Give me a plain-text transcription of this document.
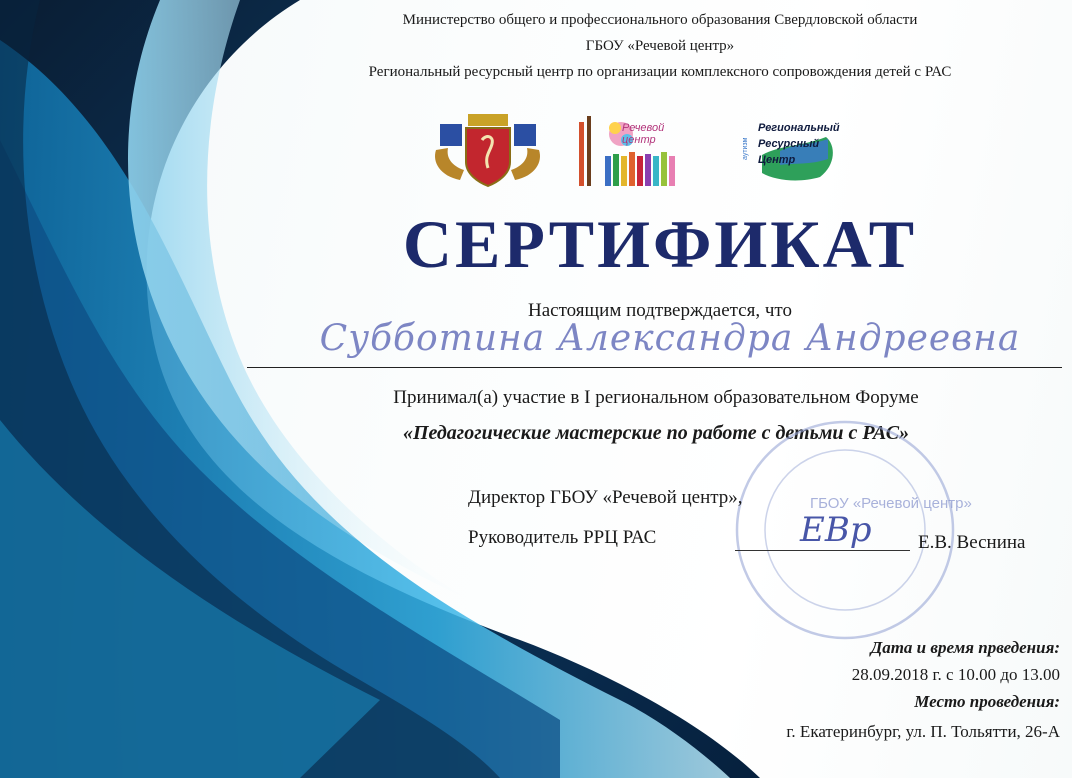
Министерство общего и профессионального образования Свердловской области
ГБОУ «Речевой центр»
Региональный ресурсный центр по организации комплексного сопровождения детей с РАС
Речевой центр	аутизм
Региональный
Ресурсный
Центр
СЕРТИФИКАТ
Настоящим подтверждается, что
Субботина Александра Андреевна
Принимал(а) участие в I региональном образовательном Форуме
«Педагогические мастерские по работе с детьми с РАС»
ГБОУ «Речевой центр»
Директор ГБОУ «Речевой центр»,
Руководитель РРЦ РАС	ЕВр Е.В. Веснина
Дата и время прведения:
28.09.2018 г. с 10.00 до 13.00
Место проведения:
г. Екатеринбург, ул. П. Тольятти, 26-А
